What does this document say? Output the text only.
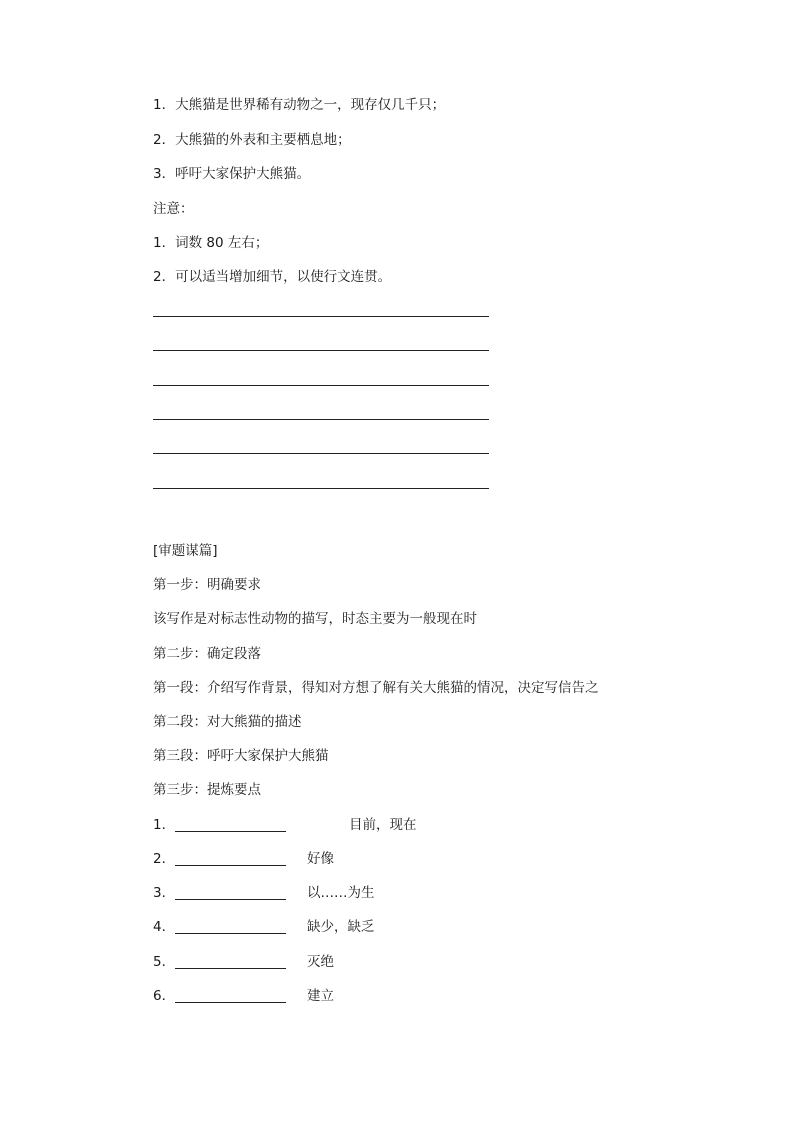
1．大熊猫是世界稀有动物之一，现存仅几千只；
2．大熊猫的外表和主要栖息地；
3．呼吁大家保护大熊猫。
注意：
1．词数 80 左右；
2．可以适当增加细节，以使行文连贯。
[审题谋篇]
第一步：明确要求
该写作是对标志性动物的描写，时态主要为一般现在时
第二步：确定段落
第一段：介绍写作背景，得知对方想了解有关大熊猫的情况，决定写信告之
第二段：对大熊猫的描述
第三段：呼吁大家保护大熊猫
第三步：提炼要点
1．	目前，现在
2．	好像
3．	以……为生
4．	缺少，缺乏
5．	灭绝
6．	建立
